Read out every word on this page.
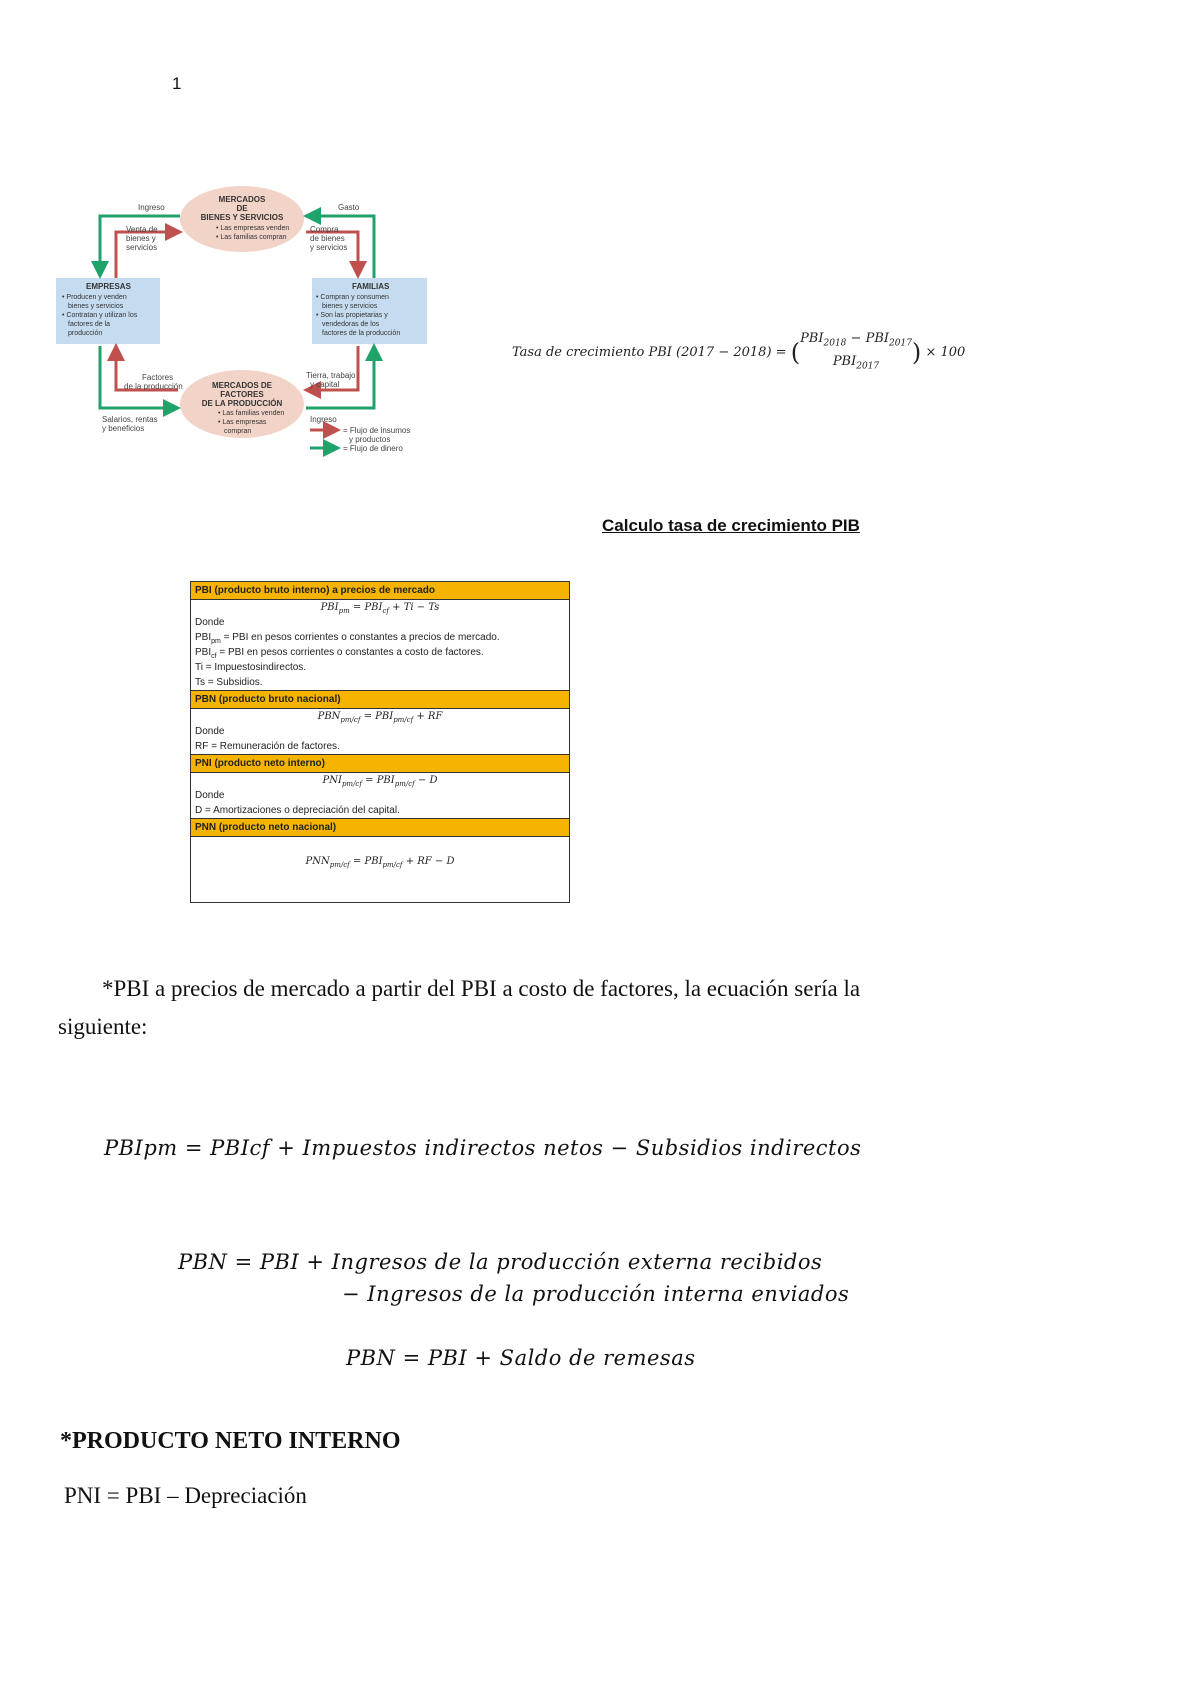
1
MERCADOS
DE
BIENES Y SERVICIOS
• Las empresas venden
• Las familias compran
MERCADOS DE
FACTORES
DE LA PRODUCCIÓN
• Las familias venden
• Las empresas
compran
EMPRESAS
• Producen y venden
bienes y servicios
• Contratan y utilizan los
factores de la
producción
FAMILIAS
• Compran y consumen
bienes y servicios
• Son las propietarias y
vendedoras de los
factores de la producción
Ingreso	Gasto
Venta de
bienes y
servicios
Compra
de bienes
y servicios
Factores
de la producción
Tierra, trabajo
y capital
Salarios, rentas
y beneficios
Ingreso
= Flujo de insumos
y productos
= Flujo de dinero
Tasa de crecimiento PBI $(2017 - 2018) = (PBI_{2018} - PBI_{2017}$
$PBI_{2017}$ ) × 100
Calculo tasa de crecimiento PIB
PBI (producto bruto interno) a precios de mercado
$PBI_{pm} = PBI_{cf} + Ti - Ts$
Donde
$PBI_{pm}$ = PBI en pesos corrientes o constantes a precios de mercado.
$PBI_{cf}$ = PBI en pesos corrientes o constantes a costo de factores.
Ti = Impuestosindirectos.
Ts = Subsidios.
PBN (producto bruto nacional)
$PBN_{pm/cf} = PBI_{pm/cf}$ + RF
Donde
RF = Remuneración de factores.
PNI (producto neto interno)
$PNI_{pm/cf} = PBI_{pm/cf} - D$
Donde
D = Amortizaciones o depreciación del capital.
PNN (producto neto nacional)
$PNN_{pm/cf} = PBI_{pm/cf}$ + RF − D
*PBI a precios de mercado a partir del PBI a costo de factores, la ecuación sería la
siguiente:
PBIpm = PBIcf + Impuestos indirectos netos − Subsidios indirectos
PBN = PBI + Ingresos de la producción externa recibidos
− Ingresos de la producción interna enviados
PBN = PBI + Saldo de remesas
*PRODUCTO NETO INTERNO
PNI = PBI – Depreciación
